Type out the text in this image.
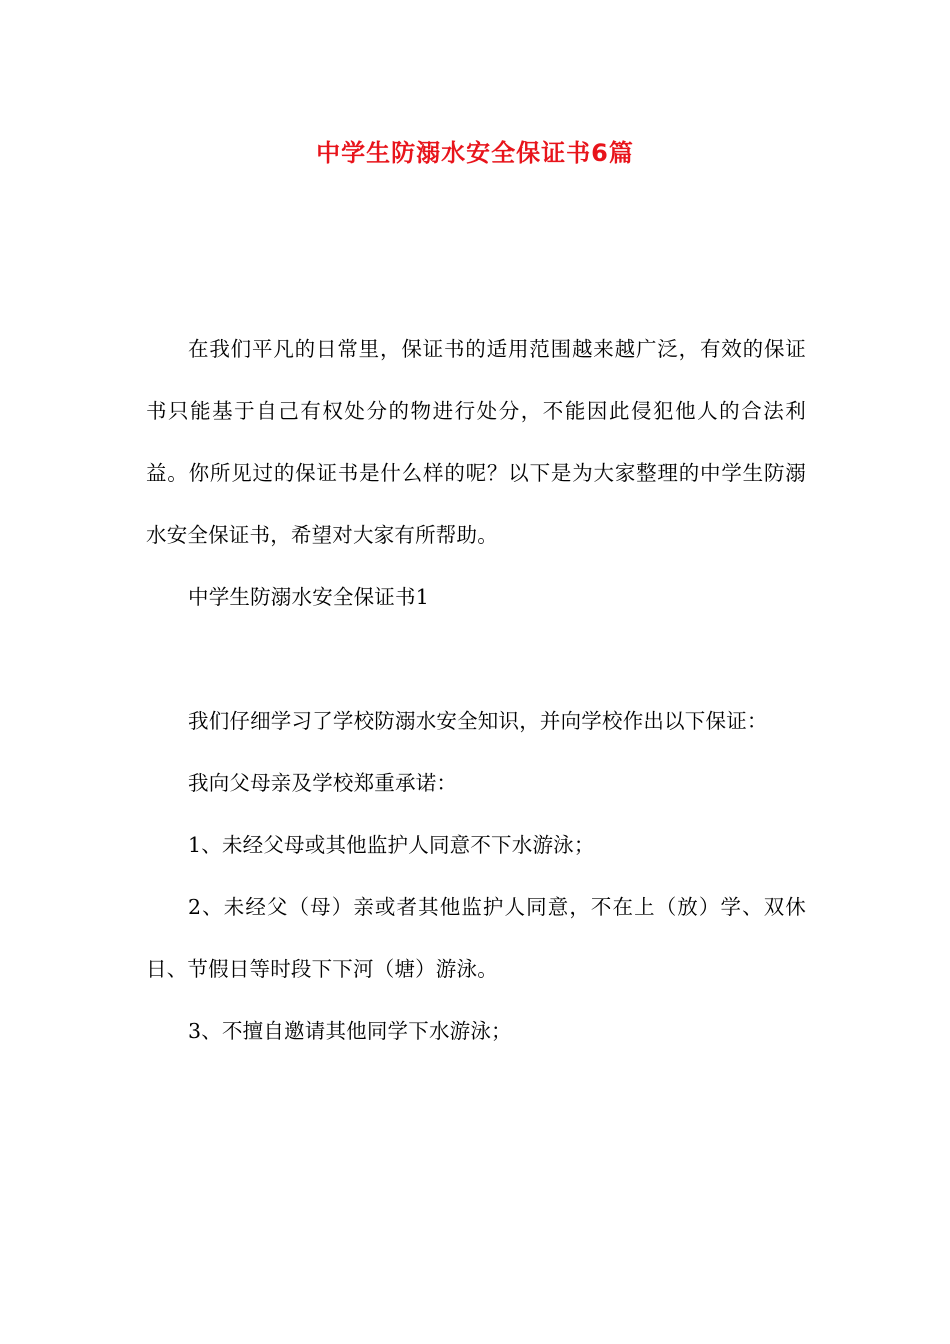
中学生防溺水安全保证书6篇

在我们平凡的日常里，保证书的适用范围越来越广泛，有效的保证书只能基于自己有权处分的物进行处分，不能因此侵犯他人的合法利益。你所见过的保证书是什么样的呢？以下是为大家整理的中学生防溺水安全保证书，希望对大家有所帮助。

中学生防溺水安全保证书1

我们仔细学习了学校防溺水安全知识，并向学校作出以下保证：

我向父母亲及学校郑重承诺：

1、未经父母或其他监护人同意不下水游泳；

2、未经父（母）亲或者其他监护人同意，不在上（放）学、双休日、节假日等时段下下河（塘）游泳。

3、不擅自邀请其他同学下水游泳；
